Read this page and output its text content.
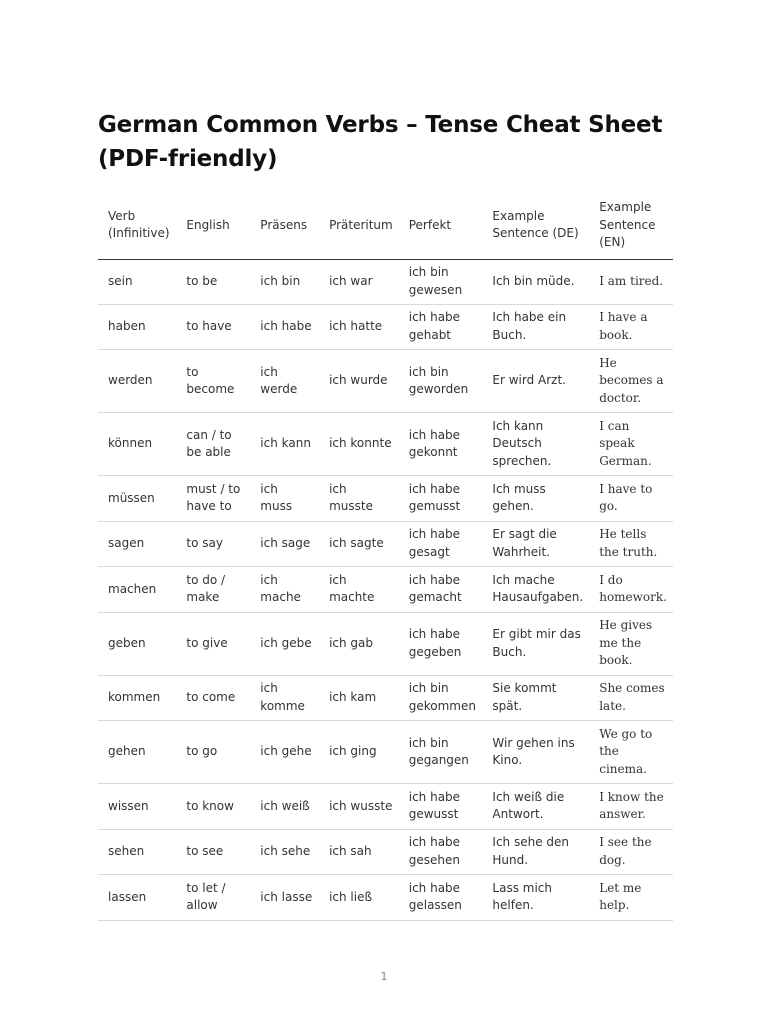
German Common Verbs – Tense Cheat Sheet (PDF-friendly)
Verb (Infinitive)	English	Präsens	Präteritum	Perfekt	Example Sentence (DE)	Example Sentence (EN)
sein	to be	ich bin	ich war	ich bin gewesen	Ich bin müde.	I am tired.
haben	to have	ich habe	ich hatte	ich habe gehabt	Ich habe ein Buch.	I have a book.
werden	to become	ich werde	ich wurde	ich bin geworden	Er wird Arzt.	He becomes a doctor.
können	can / to be able	ich kann	ich konnte	ich habe gekonnt	Ich kann Deutsch sprechen.	I can speak German.
müssen	must / to have to	ich muss	ich musste	ich habe gemusst	Ich muss gehen.	I have to go.
sagen	to say	ich sage	ich sagte	ich habe gesagt	Er sagt die Wahrheit.	He tells the truth.
machen	to do / make	ich mache	ich machte	ich habe gemacht	Ich mache Hausaufgaben.	I do homework.
geben	to give	ich gebe	ich gab	ich habe gegeben	Er gibt mir das Buch.	He gives me the book.
kommen	to come	ich komme	ich kam	ich bin gekommen	Sie kommt spät.	She comes late.
gehen	to go	ich gehe	ich ging	ich bin gegangen	Wir gehen ins Kino.	We go to the cinema.
wissen	to know	ich weiß	ich wusste	ich habe gewusst	Ich weiß die Antwort.	I know the answer.
sehen	to see	ich sehe	ich sah	ich habe gesehen	Ich sehe den Hund.	I see the dog.
lassen	to let / allow	ich lasse	ich ließ	ich habe gelassen	Lass mich helfen.	Let me help.
1
